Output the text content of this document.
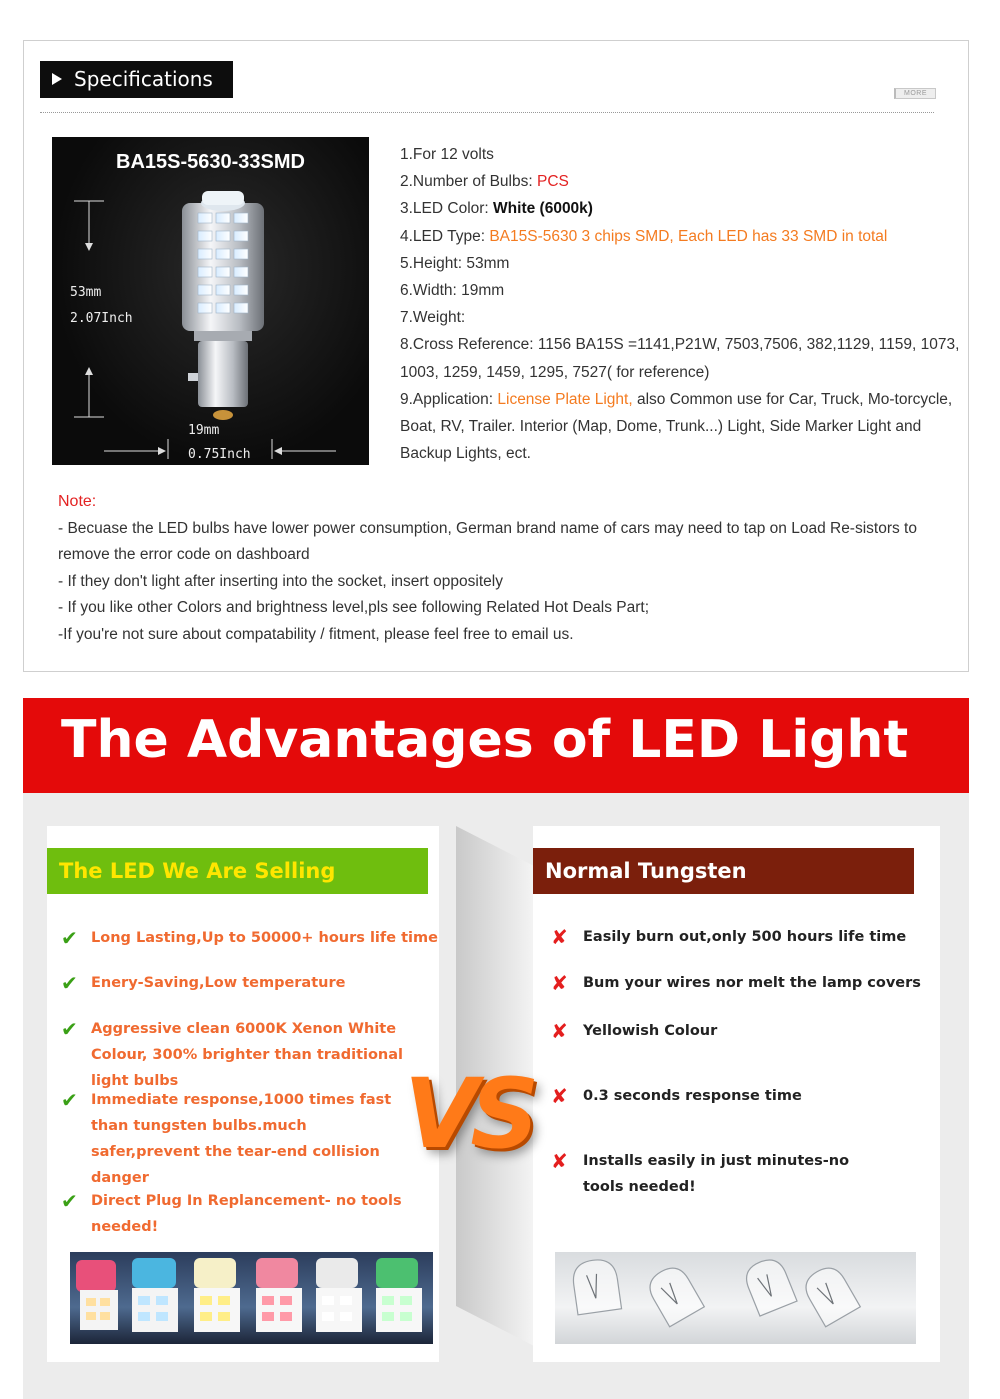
Specifications
MORE
BA15S-5630-33SMD
53mm
2.07Inch
19mm
0.75Inch
1.For 12 volts
2.Number of Bulbs: PCS
3.LED Color: White (6000k)
4.LED Type: BA15S-5630 3 chips SMD, Each LED has 33 SMD in total
5.Height: 53mm
6.Width: 19mm
7.Weight:
8.Cross Reference: 1156 BA15S =1141,P21W, 7503,7506, 382,1129, 1159, 1073, 1003, 1259, 1459, 1295, 7527( for reference)
9.Application: License Plate Light, also Common use for Car, Truck, Mo-torcycle, Boat, RV, Trailer. Interior (Map, Dome, Trunk...) Light, Side Marker Light and Backup Lights, ect.
Note:
- Becuase the LED bulbs have lower power consumption, German brand name of cars may need to tap on Load Re-sistors to remove the error code on dashboard
- If they don't light after inserting into the socket, insert oppositely
- If you like other Colors and brightness level,pls see following Related Hot Deals Part;
-If you're not sure about compatability / fitment, please feel free to email us.
The Advantages of LED Light
The LED We Are Selling
✔ Long Lasting,Up to 50000+ hours life time
✔ Enery-Saving,Low temperature
✔ Aggressive clean 6000K Xenon White Colour, 300% brighter than traditional light bulbs
✔ Immediate response,1000 times fast than tungsten bulbs.much safer,prevent the tear-end collision danger
✔ Direct Plug In Replancement- no tools needed!
Normal Tungsten
✘ Easily burn out,only 500 hours life time
✘ Bum your wires nor melt the lamp covers
✘ Yellowish Colour
✘ 0.3 seconds response time
✘ Installs easily in just minutes-no tools needed!
VS
